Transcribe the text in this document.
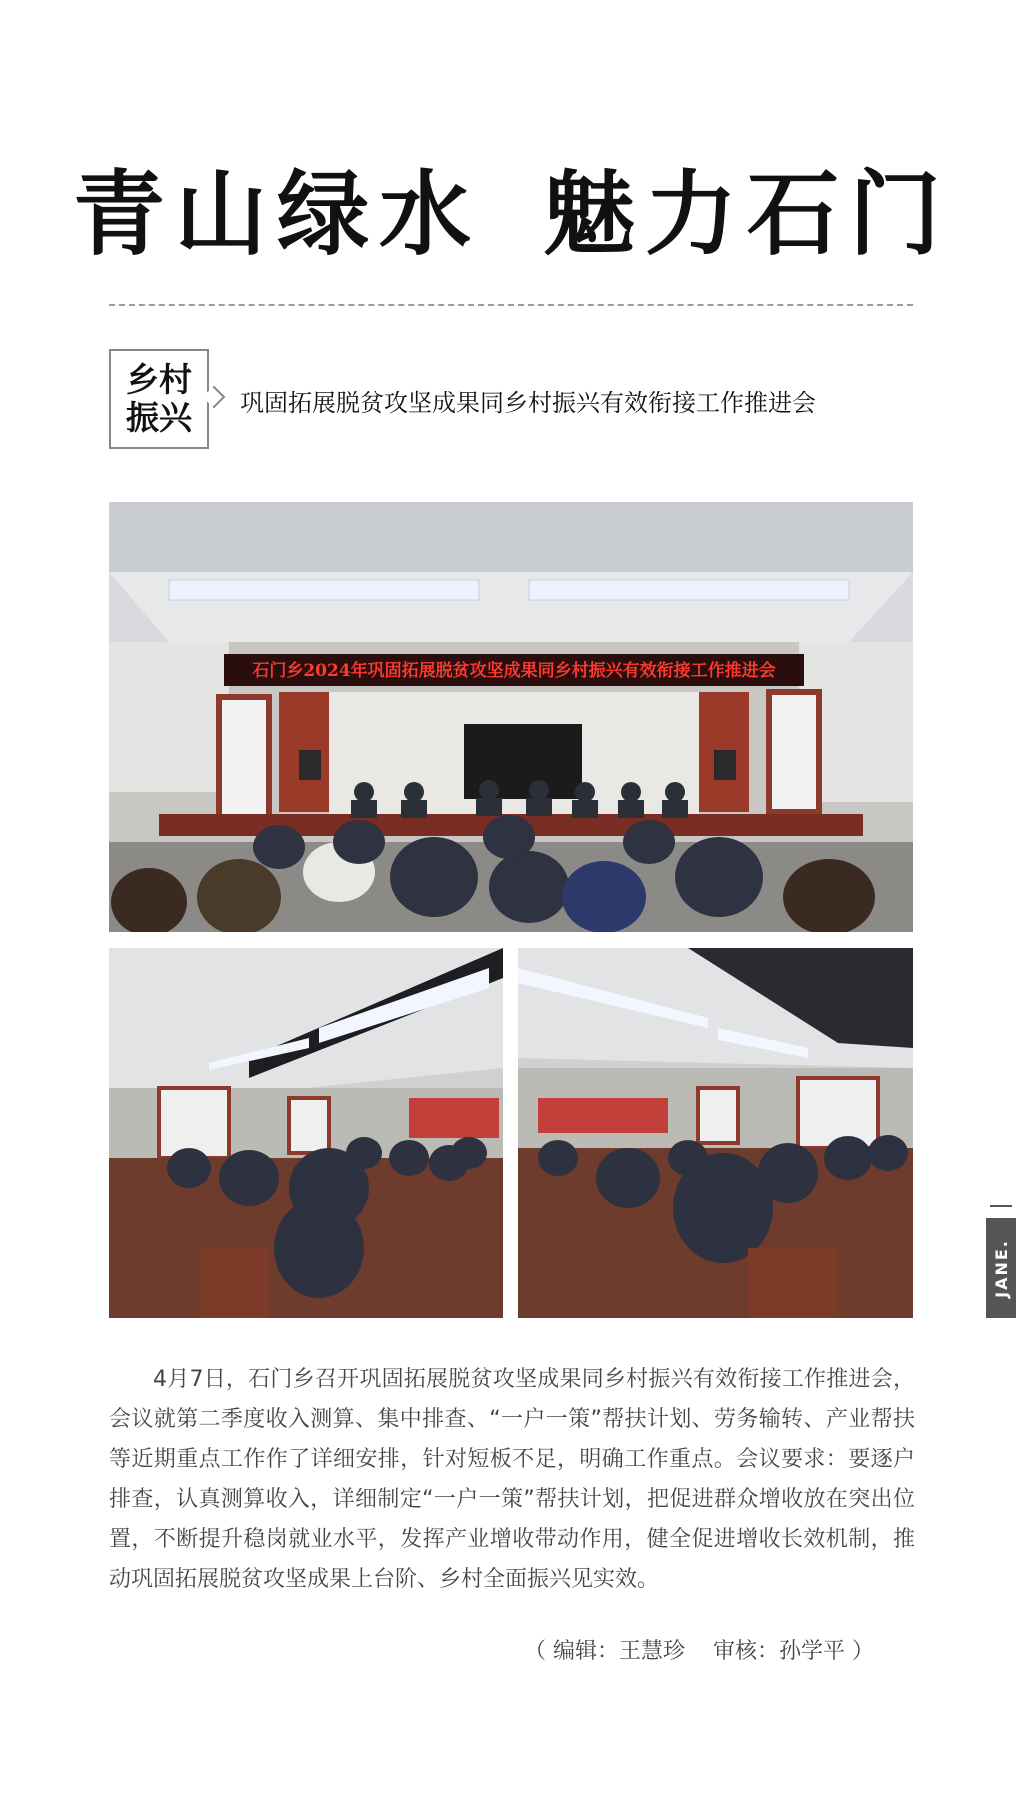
青山绿水 魅力石门
乡村
振兴 巩固拓展脱贫攻坚成果同乡村振兴有效衔接工作推进会
石门乡2024年巩固拓展脱贫攻坚成果同乡村振兴有效衔接工作推进会
JANE.
4月7日，石门乡召开巩固拓展脱贫攻坚成果同乡村振兴有效衔接工作推进会，会议就第二季度收入测算、集中排查、“一户一策”帮扶计划、劳务输转、产业帮扶等近期重点工作作了详细安排，针对短板不足，明确工作重点。会议要求：要逐户排查，认真测算收入，详细制定“一户一策”帮扶计划，把促进群众增收放在突出位置，不断提升稳岗就业水平，发挥产业增收带动作用，健全促进增收长效机制，推动巩固拓展脱贫攻坚成果上台阶、乡村全面振兴见实效。
（ 编辑：王慧珍    审核：孙学平 ）
